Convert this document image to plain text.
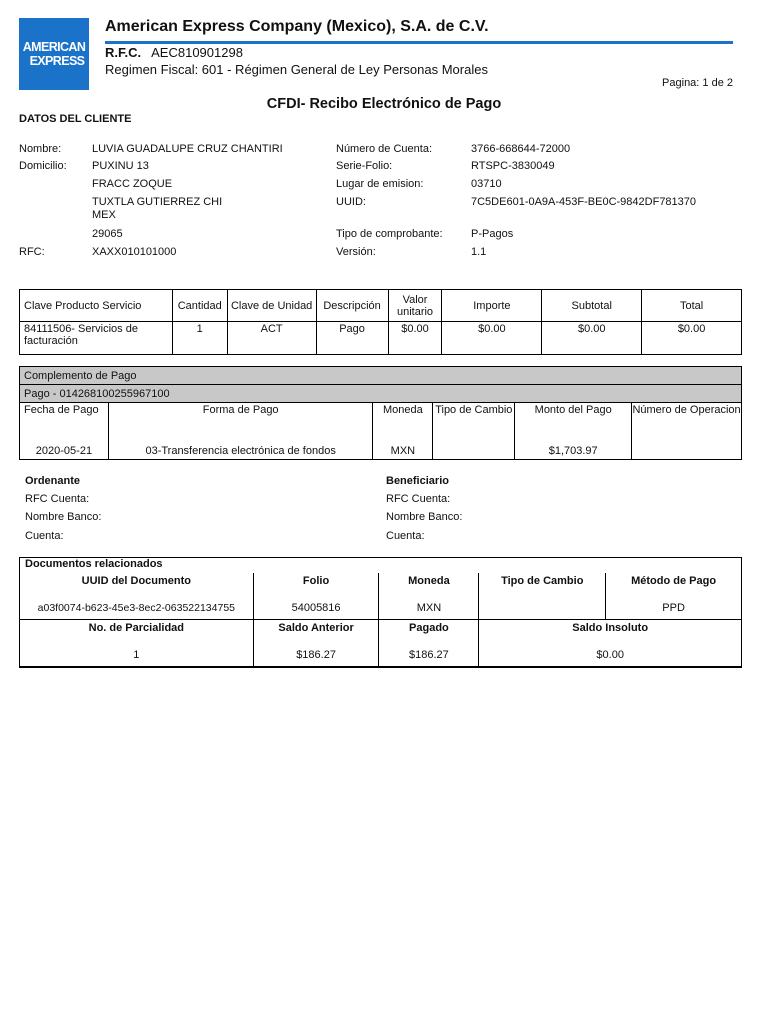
AMERICAN
EXPRESS
American Express Company (Mexico), S.A. de C.V.
R.F.C. AEC810901298
Regimen Fiscal: 601 - Régimen General de Ley Personas Morales
Pagina: 1 de 2
CFDI- Recibo Electrónico de Pago
DATOS DEL CLIENTE
Nombre:	LUVIA GUADALUPE CRUZ CHANTIRI
Domicilio: PUXINU 13
FRACC ZOQUE
TUXTLA GUTIERREZ CHI
MEX
29065
RFC:	XAXX010101000
Número de Cuenta:	3766-668644-72000
Serie-Folio:	RTSPC-3830049
Lugar de emision:	03710
UUID:	7C5DE601-0A9A-453F-BE0C-9842DF781370
Tipo de comprobante:	P-Pagos
Versión:	1.1
Clave Producto Servicio	Cantidad	Clave de Unidad	Descripción	Valor unitario	Importe	Subtotal	Total
84111506- Servicios de facturación	1	ACT	Pago	$0.00	$0.00	$0.00	$0.00
Complemento de Pago					
Pago - 014268100255967100					
Fecha de Pago	Forma de Pago	Moneda	Tipo de Cambio	Monto del Pago	Número de Operacion
2020-05-21	03-Transferencia electrónica de fondos	MXN		$1,703.97	
Ordenante
RFC Cuenta:
Nombre Banco:
Cuenta:
Beneficiario
RFC Cuenta:
Nombre Banco:
Cuenta:
Documentos relacionados				
UUID del Documento	Folio	Moneda	Tipo de Cambio	Método de Pago
a03f0074-b623-45e3-8ec2-063522134755	54005816	MXN		PPD
No. de Parcialidad	Saldo Anterior	Pagado	Saldo Insoluto	
1	$186.27	$186.27	$0.00	
